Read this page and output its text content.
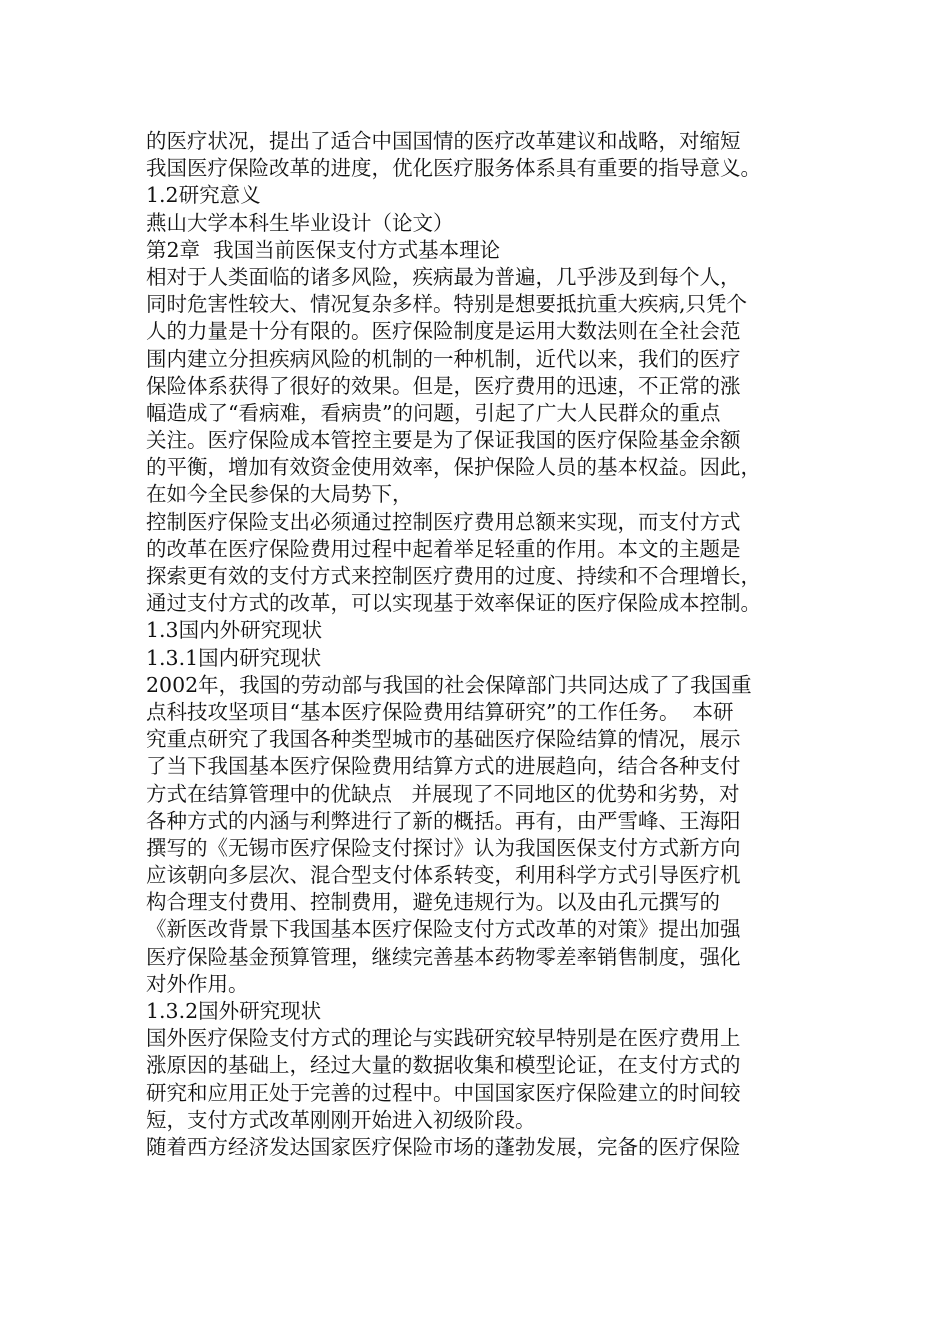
的医疗状况，提出了适合中国国情的医疗改革建议和战略，对缩短
我国医疗保险改革的进度，优化医疗服务体系具有重要的指导意义。
1.2研究意义
燕山大学本科生毕业设计（论文）
第2章  我国当前医保支付方式基本理论
相对于人类面临的诸多风险，疾病最为普遍，几乎涉及到每个人，
同时危害性较大、情况复杂多样。特别是想要抵抗重大疾病,只凭个
人的力量是十分有限的。医疗保险制度是运用大数法则在全社会范
围内建立分担疾病风险的机制的一种机制，近代以来，我们的医疗
保险体系获得了很好的效果。但是，医疗费用的迅速，不正常的涨
幅造成了“看病难，看病贵”的问题，引起了广大人民群众的重点
关注。医疗保险成本管控主要是为了保证我国的医疗保险基金余额
的平衡，增加有效资金使用效率，保护保险人员的基本权益。因此，
在如今全民参保的大局势下，
控制医疗保险支出必须通过控制医疗费用总额来实现，而支付方式
的改革在医疗保险费用过程中起着举足轻重的作用。本文的主题是
探索更有效的支付方式来控制医疗费用的过度、持续和不合理增长，
通过支付方式的改革，可以实现基于效率保证的医疗保险成本控制。
1.3国内外研究现状
1.3.1国内研究现状
2002年，我国的劳动部与我国的社会保障部门共同达成了了我国重
点科技攻坚项目“基本医疗保险费用结算研究”的工作任务。  本研
究重点研究了我国各种类型城市的基础医疗保险结算的情况，展示
了当下我国基本医疗保险费用结算方式的进展趋向，结合各种支付
方式在结算管理中的优缺点   并展现了不同地区的优势和劣势，对
各种方式的内涵与利弊进行了新的概括。再有，由严雪峰、王海阳
撰写的《无锡市医疗保险支付探讨》认为我国医保支付方式新方向
应该朝向多层次、混合型支付体系转变，利用科学方式引导医疗机
构合理支付费用、控制费用，避免违规行为。以及由孔元撰写的
《新医改背景下我国基本医疗保险支付方式改革的对策》提出加强
医疗保险基金预算管理，继续完善基本药物零差率销售制度，强化
对外作用。
1.3.2国外研究现状
国外医疗保险支付方式的理论与实践研究较早特别是在医疗费用上
涨原因的基础上，经过大量的数据收集和模型论证，在支付方式的
研究和应用正处于完善的过程中。中国国家医疗保险建立的时间较
短，支付方式改革刚刚开始进入初级阶段。
随着西方经济发达国家医疗保险市场的蓬勃发展，完备的医疗保险
